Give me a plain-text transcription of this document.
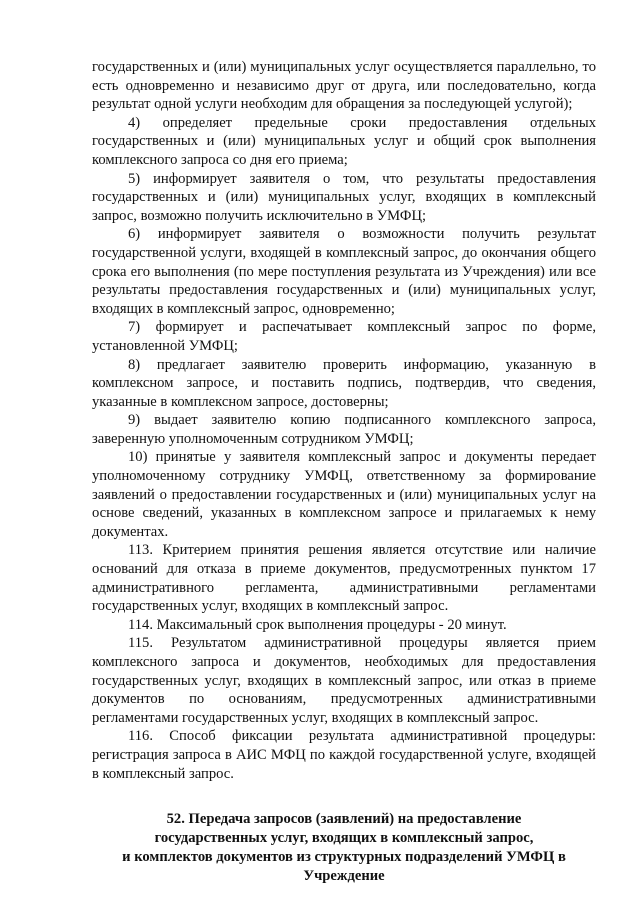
государственных и (или) муниципальных услуг осуществляется параллельно, то есть одновременно и независимо друг от друга, или последовательно, когда результат одной услуги необходим для обращения за последующей услугой);

4) определяет предельные сроки предоставления отдельных государственных и (или) муниципальных услуг и общий срок выполнения комплексного запроса со дня его приема;

5) информирует заявителя о том, что результаты предоставления государственных и (или) муниципальных услуг, входящих в комплексный запрос, возможно получить исключительно в УМФЦ;

6) информирует заявителя о возможности получить результат государственной услуги, входящей в комплексный запрос, до окончания общего срока его выполнения (по мере поступления результата из Учреждения) или все результаты предоставления государственных и (или) муниципальных услуг, входящих в комплексный запрос, одновременно;

7) формирует и распечатывает комплексный запрос по форме, установленной УМФЦ;

8) предлагает заявителю проверить информацию, указанную в комплексном запросе, и поставить подпись, подтвердив, что сведения, указанные в комплексном запросе, достоверны;

9) выдает заявителю копию подписанного комплексного запроса, заверенную уполномоченным сотрудником УМФЦ;

10) принятые у заявителя комплексный запрос и документы передает уполномоченному сотруднику УМФЦ, ответственному за формирование заявлений о предоставлении государственных и (или) муниципальных услуг на основе сведений, указанных в комплексном запросе и прилагаемых к нему документах.

113. Критерием принятия решения является отсутствие или наличие оснований для отказа в приеме документов, предусмотренных пунктом 17 административного регламента, административными регламентами государственных услуг, входящих в комплексный запрос.

114. Максимальный срок выполнения процедуры - 20 минут.

115. Результатом административной процедуры является прием комплексного запроса и документов, необходимых для предоставления государственных услуг, входящих в комплексный запрос, или отказ в приеме документов по основаниям, предусмотренных административными регламентами государственных услуг, входящих в комплексный запрос.

116. Способ фиксации результата административной процедуры: регистрация запроса в АИС МФЦ по каждой государственной услуге, входящей в комплексный запрос.

52. Передача запросов (заявлений) на предоставление
государственных услуг, входящих в комплексный запрос,
и комплектов документов из структурных подразделений УМФЦ в
Учреждение
